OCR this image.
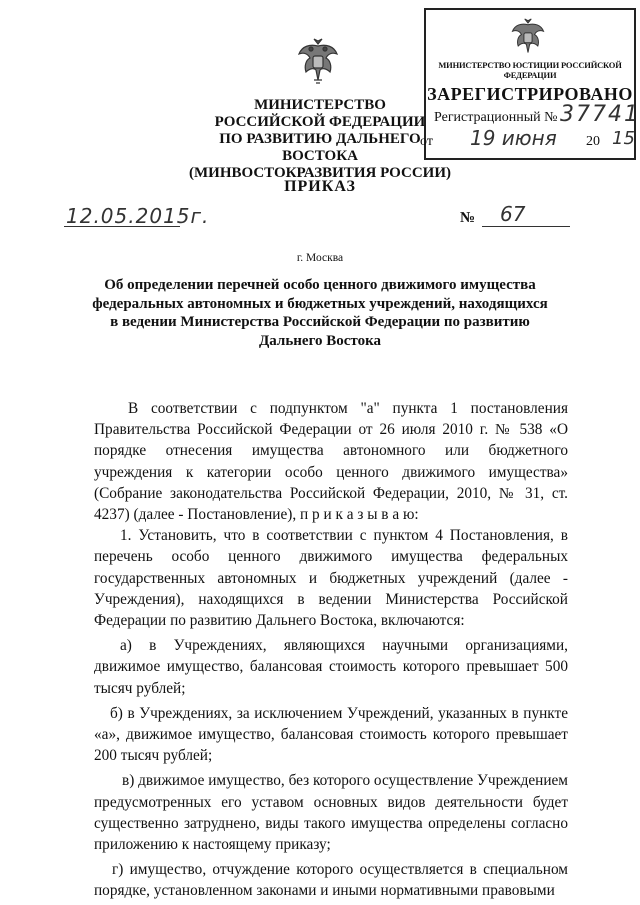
МИНИСТЕРСТВО ЮСТИЦИИ РОССИЙСКОЙ ФЕДЕРАЦИИ
ЗАРЕГИСТРИРОВАНО
Регистрационный № 37741
от 19 июня 20 15
МИНИСТЕРСТВО
РОССИЙСКОЙ ФЕДЕРАЦИИ
ПО РАЗВИТИЮ ДАЛЬНЕГО ВОСТОКА
(МИНВОСТОКРАЗВИТИЯ РОССИИ)
ПРИКАЗ
12.05.2015г.	№ 67
г. Москва
Об определении перечней особо ценного движимого имущества
федеральных автономных и бюджетных учреждений, находящихся
в ведении Министерства Российской Федерации по развитию
Дальнего Востока

В соответствии с подпунктом "а" пункта 1 постановления Правительства Российской Федерации от 26 июля 2010 г. № 538 «О порядке отнесения имущества автономного или бюджетного учреждения к категории особо ценного движимого имущества» (Собрание законодательства Российской Федерации, 2010, № 31, ст. 4237) (далее - Постановление), п р и к а з ы в а ю:

1. Установить, что в соответствии с пунктом 4 Постановления, в перечень особо ценного движимого имущества федеральных государственных автономных и бюджетных учреждений (далее - Учреждения), находящихся в ведении Министерства Российской Федерации по развитию Дальнего Востока, включаются:

а) в Учреждениях, являющихся научными организациями, движимое имущество, балансовая стоимость которого превышает 500 тысяч рублей;

б) в Учреждениях, за исключением Учреждений, указанных в пункте «а», движимое имущество, балансовая стоимость которого превышает 200 тысяч рублей;

в) движимое имущество, без которого осуществление Учреждением предусмотренных его уставом основных видов деятельности будет существенно затруднено, виды такого имущества определены согласно приложению к настоящему приказу;

г) имущество, отчуждение которого осуществляется в специальном порядке, установленном законами и иными нормативными правовыми
